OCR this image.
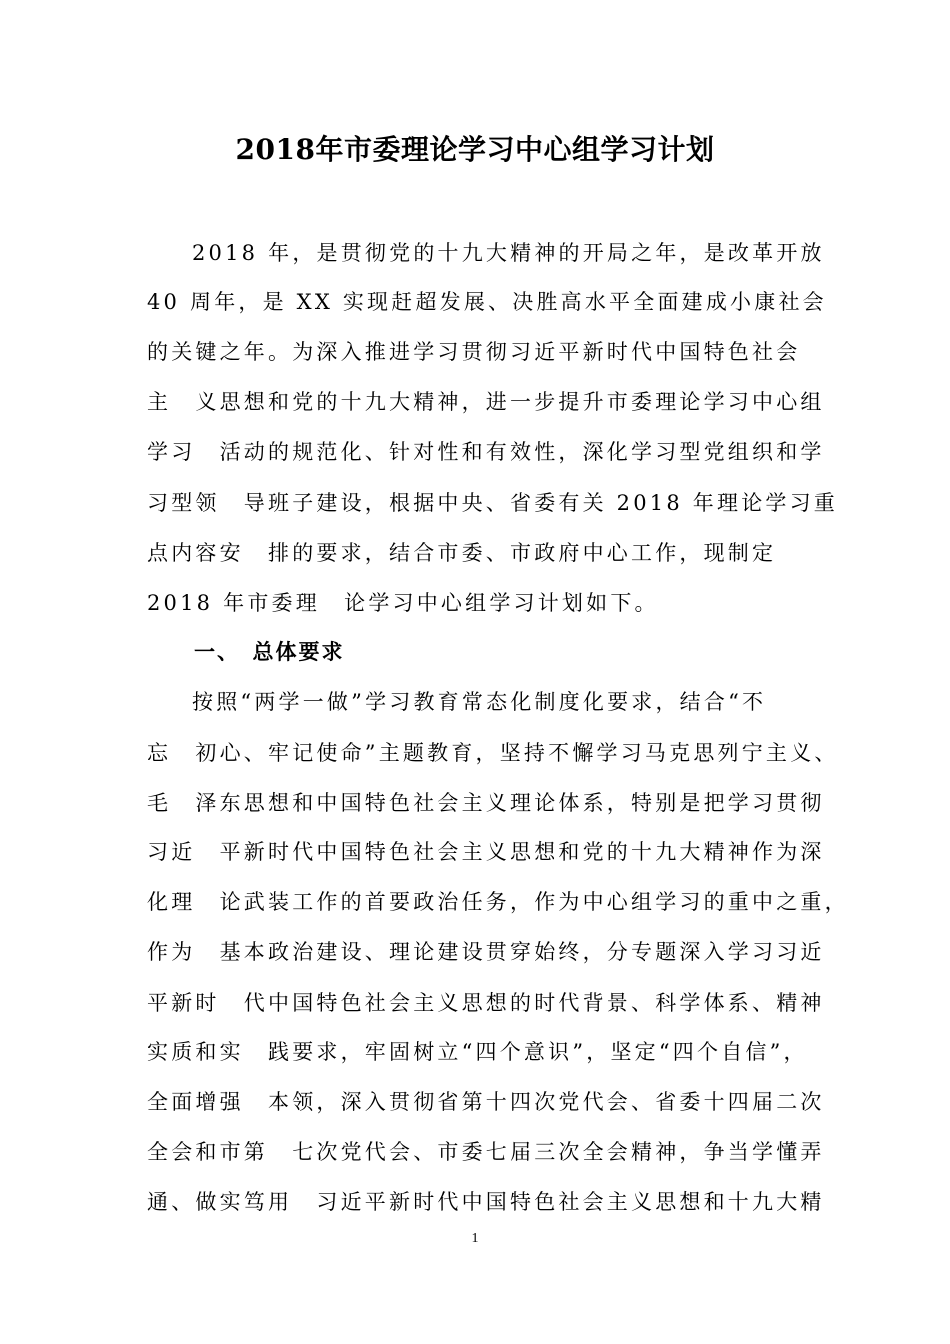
2018年市委理论学习中心组学习计划
2018 年，是贯彻党的十九大精神的开局之年，是改革开放
40 周年，是 XX 实现赶超发展、决胜高水平全面建成小康社会
的关键之年。为深入推进学习贯彻习近平新时代中国特色社会
主　义思想和党的十九大精神，进一步提升市委理论学习中心组
学习　活动的规范化、针对性和有效性，深化学习型党组织和学
习型领　导班子建设，根据中央、省委有关 2018 年理论学习重
点内容安　排的要求，结合市委、市政府中心工作，现制定
2018 年市委理　论学习中心组学习计划如下。
一、　总体要求
按照“两学一做”学习教育常态化制度化要求，结合“不
忘　初心、牢记使命”主题教育，坚持不懈学习马克思列宁主义、
毛　泽东思想和中国特色社会主义理论体系，特别是把学习贯彻
习近　平新时代中国特色社会主义思想和党的十九大精神作为深
化理　论武装工作的首要政治任务，作为中心组学习的重中之重，
作为　基本政治建设、理论建设贯穿始终，分专题深入学习习近
平新时　代中国特色社会主义思想的时代背景、科学体系、精神
实质和实　践要求，牢固树立“四个意识”，坚定“四个自信”，
全面增强　本领，深入贯彻省第十四次党代会、省委十四届二次
全会和市第　七次党代会、市委七届三次全会精神，争当学懂弄
通、做实笃用　习近平新时代中国特色社会主义思想和十九大精
1
